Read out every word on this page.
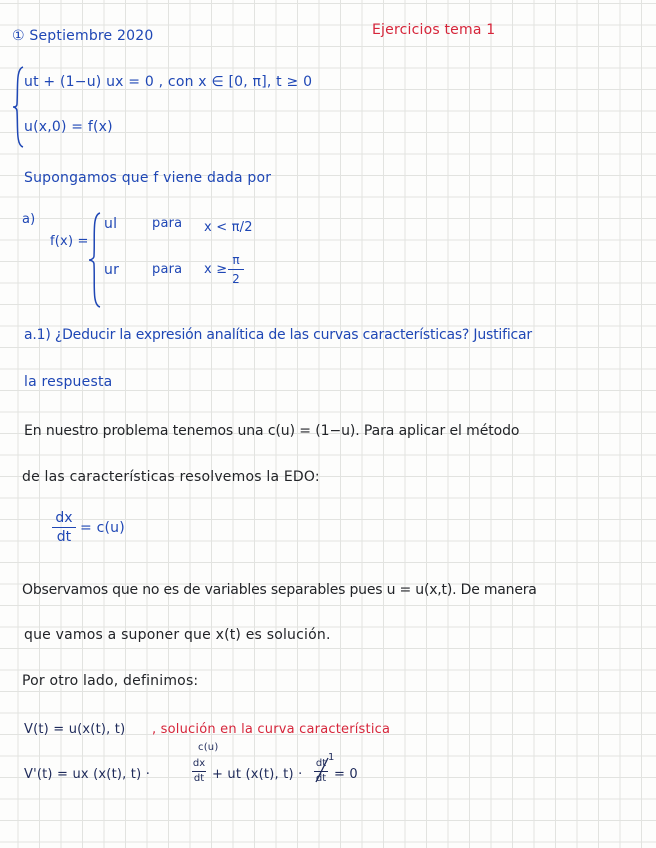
① Septiembre 2020	Ejercicios tema 1
ut + (1−u) ux = 0 , con x ∈ [0, π], t ≥ 0
u(x,0) = f(x)
Supongamos que f viene dada por
a)
f(x) =
ul	para x < π/2
ur	para x ≥
π
2
a.1) ¿Deducir la expresión analítica de las curvas características? Justificar
la respuesta
En nuestro problema tenemos una c(u) = (1−u). Para aplicar el método
de las características resolvemos la EDO:
dx
dt
= c(u)
Observamos que no es de variables separables pues u = u(x,t). De manera
que vamos a suponer que x(t) es solución.
Por otro lado, definimos:
V(t) = u(x(t), t) , solución en la curva característica
V'(t) = ux (x(t), t) ·
dx
dt
c(u)
+ ut (x(t), t) ·
dt
dt
1
= 0
